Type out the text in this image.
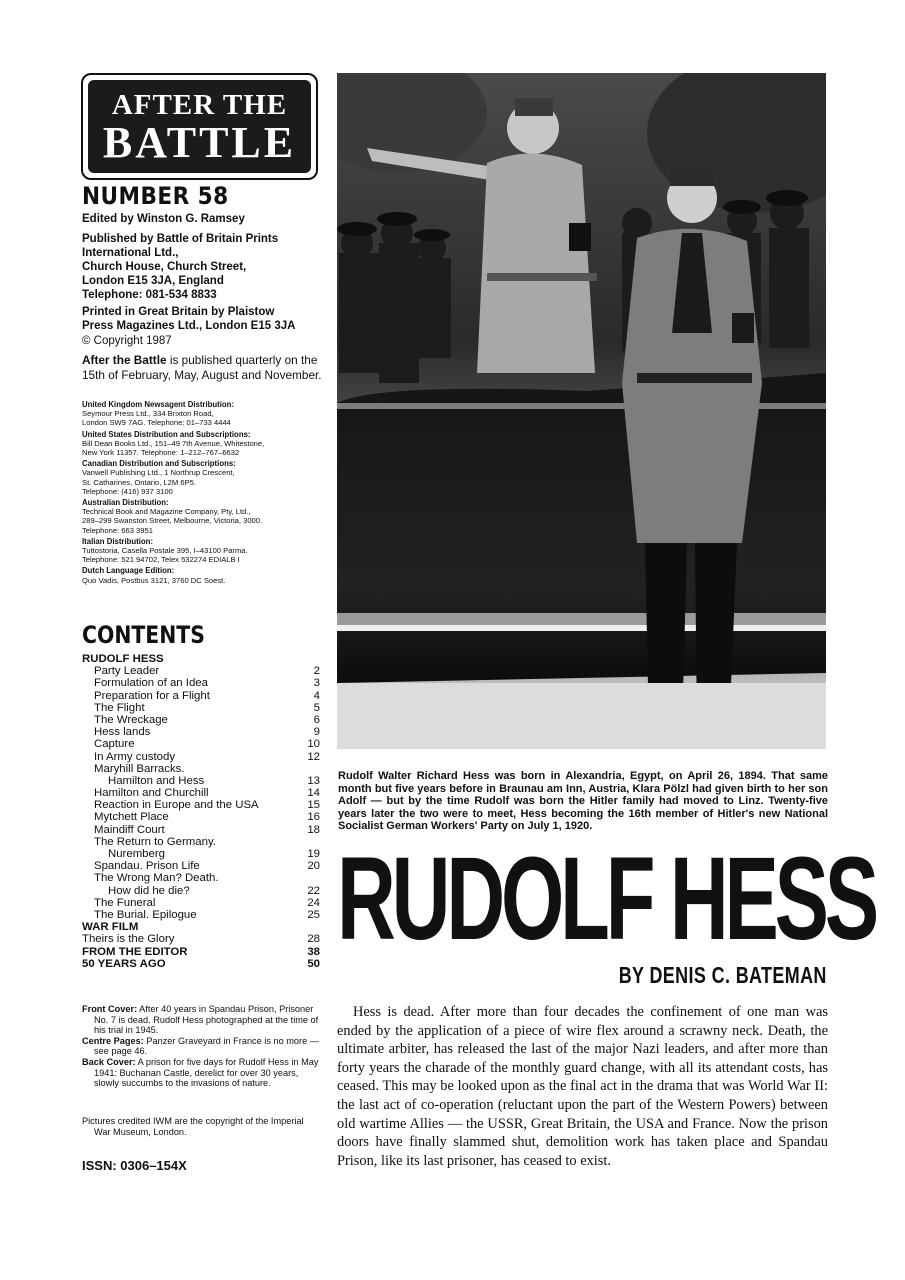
AFTER THE
BATTLE
NUMBER 58
Edited by Winston G. Ramsey
Published by Battle of Britain Prints
International Ltd.,
Church House, Church Street,
London E15 3JA, England
Telephone: 081-534 8833
Printed in Great Britain by Plaistow
Press Magazines Ltd., London E15 3JA
© Copyright 1987
After the Battle is published quarterly on the 15th of February, May, August and November.
United Kingdom Newsagent Distribution:
Seymour Press Ltd., 334 Brixton Road,
London SW9 7AG. Telephone: 01–733 4444
United States Distribution and Subscriptions:
Bill Dean Books Ltd., 151–49 7th Avenue, Whitestone,
New York 11357. Telephone: 1–212–767–6632
Canadian Distribution and Subscriptions:
Vanwell Publishing Ltd., 1 Northrup Crescent,
St. Catharines, Ontario, L2M 6P5.
Telephone: (416) 937 3100
Australian Distribution:
Technical Book and Magazine Company, Pty, Ltd.,
289–299 Swanston Street, Melbourne, Victoria, 3000.
Telephone: 663 3951
Italian Distribution:
Tuttostoria, Casella Postale 395, I–43100 Parma.
Telephone: 521 94702, Telex 532274 EDIALB I
Dutch Language Edition:
Quo Vadis, Postbus 3121, 3760 DC Soest.
CONTENTS
RUDOLF HESS
Party Leader	2
Formulation of an Idea	3
Preparation for a Flight	4
The Flight	5
The Wreckage	6
Hess lands	9
Capture	10
In Army custody	12
Maryhill Barracks.
Hamilton and Hess	13
Hamilton and Churchill	14
Reaction in Europe and the USA	15
Mytchett Place	16
Maindiff Court	18
The Return to Germany.
Nuremberg	19
Spandau. Prison Life	20
The Wrong Man? Death.
How did he die?	22
The Funeral	24
The Burial. Epilogue	25
WAR FILM
Theirs is the Glory	28
FROM THE EDITOR	38
50 YEARS AGO	50

Front Cover: After 40 years in Spandau Prison, Prisoner No. 7 is dead. Rudolf Hess photographed at the time of his trial in 1945.

Centre Pages: Panzer Graveyard in France is no more — see page 46.

Back Cover: A prison for five days for Rudolf Hess in May 1941: Buchanan Castle, derelict for over 30 years, slowly succumbs to the invasions of nature.

Pictures credited IWM are the copyright of the Imperial War Museum, London.
ISSN: 0306–154X
Rudolf Walter Richard Hess was born in Alexandria, Egypt, on April 26, 1894. That same month but five years before in Braunau am Inn, Austria, Klara Pölzl had given birth to her son Adolf — but by the time Rudolf was born the Hitler family had moved to Linz. Twenty-five years later the two were to meet, Hess becoming the 16th member of Hitler's new National Socialist German Workers' Party on July 1, 1920.
RUDOLF HESS
BY DENIS C. BATEMAN
Hess is dead. After more than four decades the confinement of one man was ended by the application of a piece of wire flex around a scrawny neck. Death, the ultimate arbiter, has released the last of the major Nazi leaders, and after more than forty years the charade of the monthly guard change, with all its attendant costs, has ceased. This may be looked upon as the final act in the drama that was World War II: the last act of co-operation (reluctant upon the part of the Western Powers) between old wartime Allies — the USSR, Great Britain, the USA and France. Now the prison doors have finally slammed shut, demolition work has taken place and Spandau Prison, like its last prisoner, has ceased to exist.
